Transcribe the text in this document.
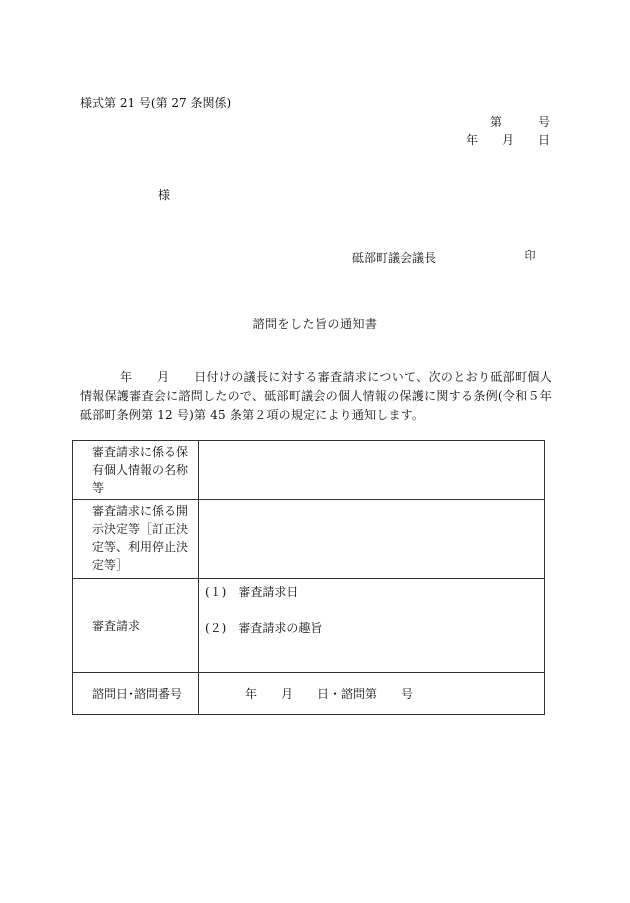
様式第 21 号(第 27 条関係)
第　　　号
年　　月　　日
様
砥部町議会議長	印
諮問をした旨の通知書
年　　月　　日付けの議長に対する審査請求について、次のとおり砥部町個人情報保護審査会に諮問したので、砥部町議会の個人情報の保護に関する条例(令和５年砥部町条例第 12 号)第 45 条第２項の規定により通知します。
審査請求に係る保有個人情報の名称等	
審査請求に係る開示決定等［訂正決定等、利用停止決定等］	
審査請求	(１)　審査請求日
(２)　審査請求の趣旨

諮問日･諮問番号	年　　月　　日・諮問第　　号
